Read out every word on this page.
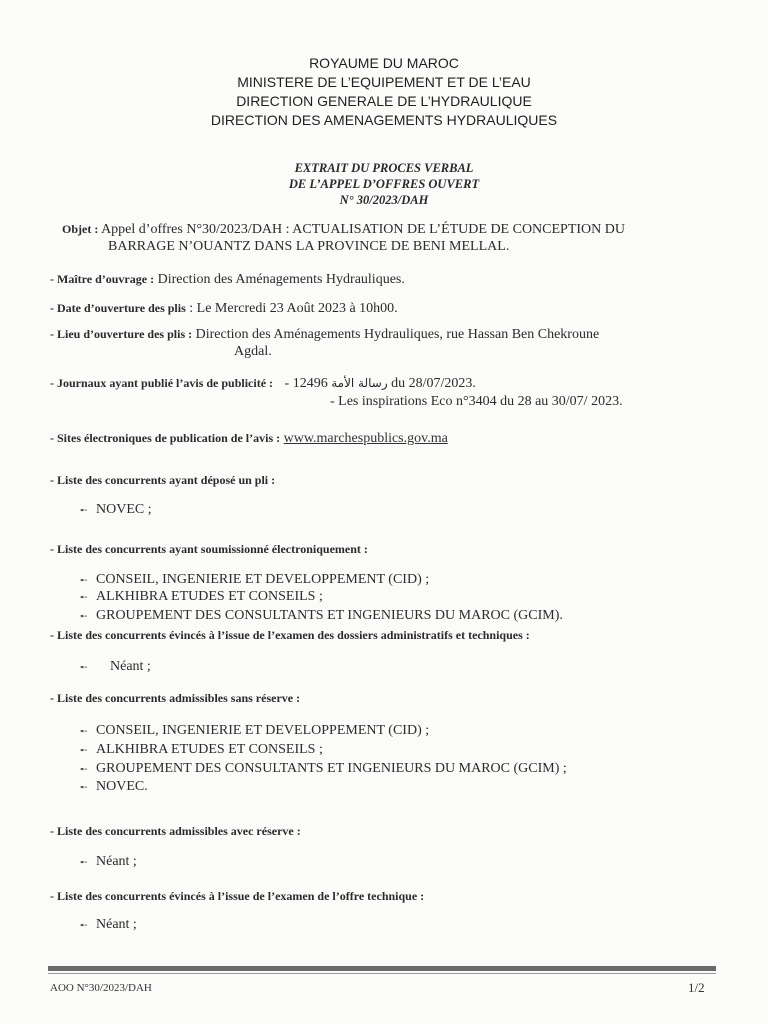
ROYAUME DU MAROC
MINISTERE DE L’EQUIPEMENT ET DE L’EAU
DIRECTION GENERALE DE L’HYDRAULIQUE
DIRECTION DES AMENAGEMENTS HYDRAULIQUES
EXTRAIT DU PROCES VERBAL
DE L’APPEL D’OFFRES OUVERT
N° 30/2023/DAH
Objet : Appel d’offres N°30/2023/DAH : ACTUALISATION DE L’ÉTUDE DE CONCEPTION DU
BARRAGE N’OUANTZ DANS LA PROVINCE DE BENI MELLAL.
- Maître d’ouvrage : Direction des Aménagements Hydrauliques.
- Date d’ouverture des plis : Le Mercredi 23 Août 2023 à 10h00.
- Lieu d’ouverture des plis : Direction des Aménagements Hydrauliques, rue Hassan Ben Chekroune
Agdal.
- Journaux ayant publié l’avis de publicité : -	رسالة الأمة 12496 du 28/07/2023.
- Les inspirations Eco n°3404 du 28 au 30/07/ 2023.
- Sites électroniques de publication de l’avis : www.marchespublics.gov.ma
- Liste des concurrents ayant déposé un pli :
➸ NOVEC ;
- Liste des concurrents ayant soumissionné électroniquement :
➸ CONSEIL, INGENIERIE ET DEVELOPPEMENT (CID) ;
➸ ALKHIBRA ETUDES ET CONSEILS ;
➸ GROUPEMENT DES CONSULTANTS ET INGENIEURS DU MAROC (GCIM).
- Liste des concurrents évincés à l’issue de l’examen des dossiers administratifs et techniques :
➸ Néant ;
- Liste des concurrents admissibles sans réserve :
➸ CONSEIL, INGENIERIE ET DEVELOPPEMENT (CID) ;
➸ ALKHIBRA ETUDES ET CONSEILS ;
➸ GROUPEMENT DES CONSULTANTS ET INGENIEURS DU MAROC (GCIM) ;
➸ NOVEC.
- Liste des concurrents admissibles avec réserve :
➸ Néant ;
- Liste des concurrents évincés à l’issue de l’examen de l’offre technique :
➸ Néant ;
AOO N°30/2023/DAH	1/2
